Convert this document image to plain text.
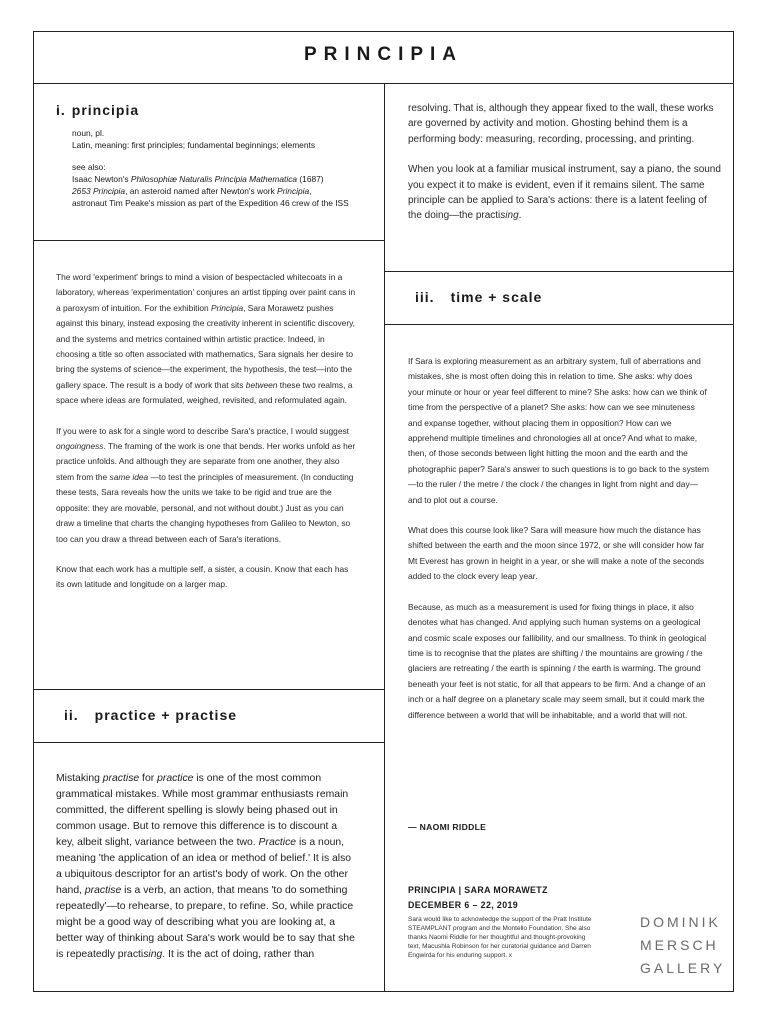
PRINCIPIA
i. principia

noun, pl.

Latin, meaning: first principles; fundamental beginnings; elements

see also:

Isaac Newton's Philosophiæ Naturalis Principia Mathematica (1687)

2653 Principia, an asteroid named after Newton's work Principia,

astronaut Tim Peake's mission as part of the Expedition 46 crew of the ISS

The word 'experiment' brings to mind a vision of bespectacled whitecoats in a laboratory, whereas 'experimentation' conjures an artist tipping over paint cans in a paroxysm of intuition. For the exhibition Principia, Sara Morawetz pushes against this binary, instead exposing the creativity inherent in scientific discovery, and the systems and metrics contained within artistic practice. Indeed, in choosing a title so often associated with mathematics, Sara signals her desire to bring the systems of science—the experiment, the hypothesis, the test—into the gallery space. The result is a body of work that sits between these two realms, a space where ideas are formulated, weighed, revisited, and reformulated again.

If you were to ask for a single word to describe Sara's practice, I would suggest ongoingness. The framing of the work is one that bends. Her works unfold as her practice unfolds. And although they are separate from one another, they also stem from the same idea —to test the principles of measurement. (In conducting these tests, Sara reveals how the units we take to be rigid and true are the opposite: they are movable, personal, and not without doubt.) Just as you can draw a timeline that charts the changing hypotheses from Galileo to Newton, so too can you draw a thread between each of Sara's iterations.

Know that each work has a multiple self, a sister, a cousin. Know that each has its own latitude and longitude on a larger map.

ii. practice + practise

Mistaking practise for practice is one of the most common grammatical mistakes. While most grammar enthusiasts remain committed, the different spelling is slowly being phased out in common usage. But to remove this difference is to discount a key, albeit slight, variance between the two. Practice is a noun, meaning 'the application of an idea or method of belief.' It is also a ubiquitous descriptor for an artist's body of work. On the other hand, practise is a verb, an action, that means 'to do something repeatedly'—to rehearse, to prepare, to refine. So, while practice might be a good way of describing what you are looking at, a better way of thinking about Sara's work would be to say that she is repeatedly practising. It is the act of doing, rather than

resolving. That is, although they appear fixed to the wall, these works are governed by activity and motion. Ghosting behind them is a performing body: measuring, recording, processing, and printing.

When you look at a familiar musical instrument, say a piano, the sound you expect it to make is evident, even if it remains silent. The same principle can be applied to Sara's actions: there is a latent feeling of the doing—the practising.

iii. time + scale

If Sara is exploring measurement as an arbitrary system, full of aberrations and mistakes, she is most often doing this in relation to time. She asks: why does your minute or hour or year feel different to mine? She asks: how can we think of time from the perspective of a planet? She asks: how can we see minuteness and expanse together, without placing them in opposition? How can we apprehend multiple timelines and chronologies all at once? And what to make, then, of those seconds between light hitting the moon and the earth and the photographic paper? Sara's answer to such questions is to go back to the system—to the ruler / the metre / the clock / the changes in light from night and day—and to plot out a course.

What does this course look like? Sara will measure how much the distance has shifted between the earth and the moon since 1972, or she will consider how far Mt Everest has grown in height in a year, or she will make a note of the seconds added to the clock every leap year.

Because, as much as a measurement is used for fixing things in place, it also denotes what has changed. And applying such human systems on a geological and cosmic scale exposes our fallibility, and our smallness. To think in geological time is to recognise that the plates are shifting / the mountains are growing / the glaciers are retreating / the earth is spinning / the earth is warming. The ground beneath your feet is not static, for all that appears to be firm. And a change of an inch or a half degree on a planetary scale may seem small, but it could mark the difference between a world that will be inhabitable, and a world that will not.

— NAOMI RIDDLE
PRINCIPIA | SARA MORAWETZ
DECEMBER 6 – 22, 2019
Sara would like to acknowledge the support of the Pratt Institute STEAMPLANT program and the Montello Foundation. She also thanks Naomi Riddle for her thoughtful and thought-provoking text, Macushla Robinson for her curatorial guidance and Darren Engwirda for his enduring support. x
DOMINIK
MERSCH
GALLERY
